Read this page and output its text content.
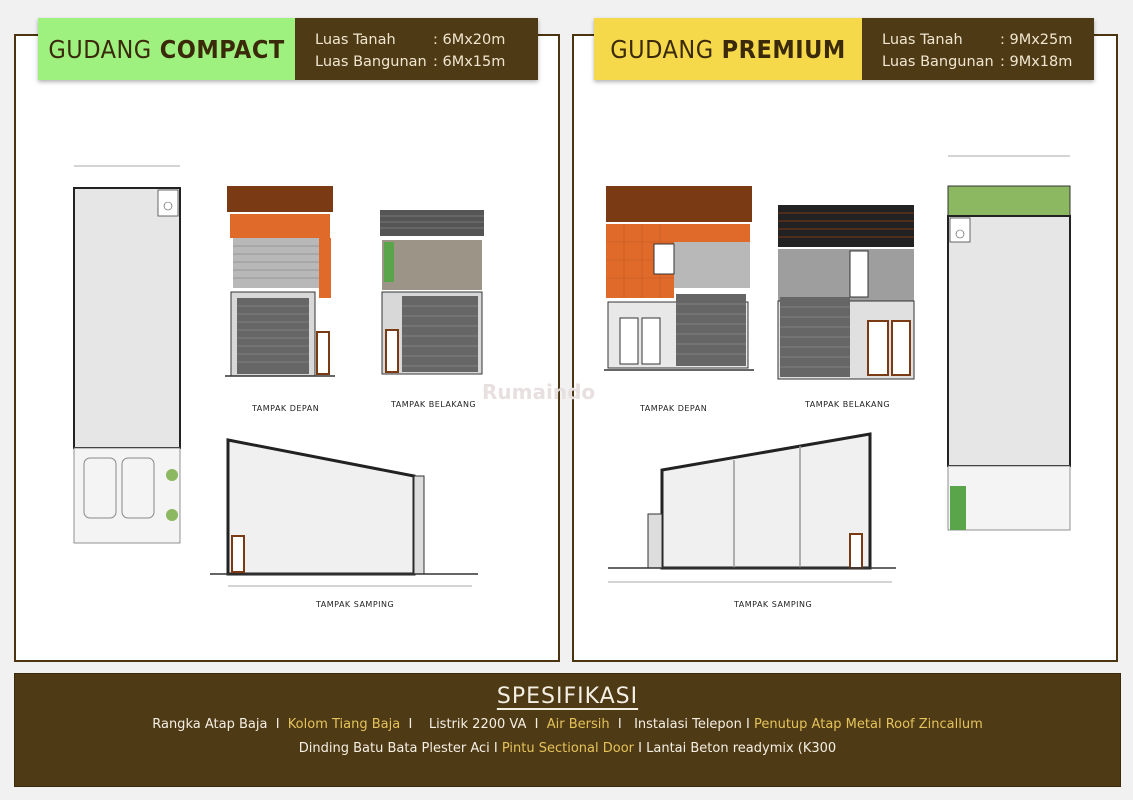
GUDANG COMPACT Luas Tanah	: 6Mx20m
Luas Bangunan : 6Mx15m	GUDANG PREMIUM	Luas Tanah	: 9Mx25m
Luas Bangunan : 9Mx18m
TAMPAK DEPAN	TAMPAK BELAKANG
TAMPAK SAMPING
TAMPAK DEPAN	TAMPAK BELAKANG
TAMPAK SAMPING
Rumaindo
SPESIFIKASI
Rangka Atap Baja  I  Kolom Tiang Baja  I    Listrik 2200 VA  I  Air Bersih  I   Instalasi Telepon I Penutup Atap Metal Roof Zincallum
Dinding Batu Bata Plester Aci I Pintu Sectional Door I Lantai Beton readymix (K300
